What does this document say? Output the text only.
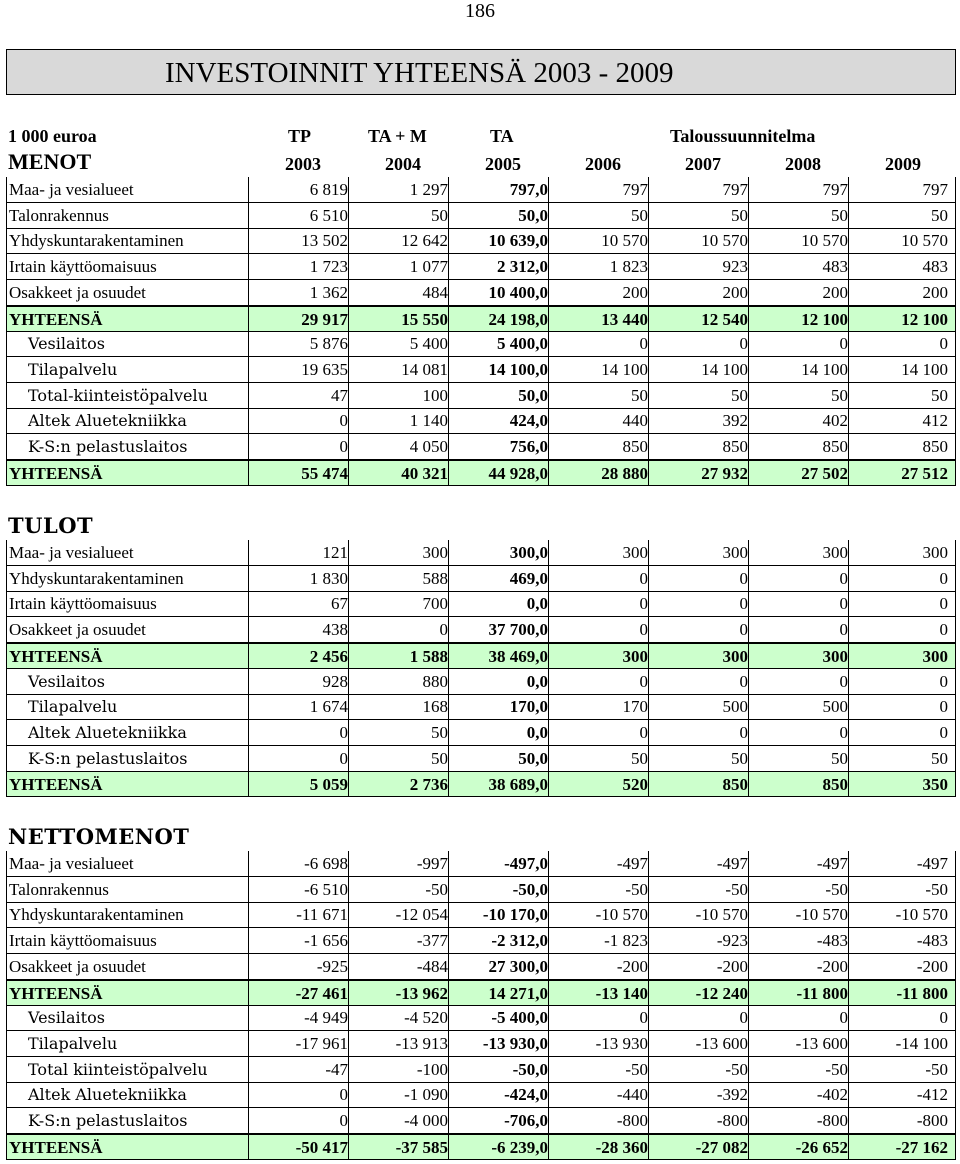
186
INVESTOINNIT YHTEENSÄ 2003 - 2009
1 000 euroa	TP	TA + M	TA	Taloussuunnitelma
MENOT	2003	2004	2005	2006	2007	2008	2009
Maa- ja vesialueet	6 819	1 297	797,0	797	797	797	797
Talonrakennus	6 510	50	50,0	50	50	50	50
Yhdyskuntarakentaminen	13 502	12 642	10 639,0	10 570	10 570	10 570	10 570
Irtain käyttöomaisuus	1 723	1 077	2 312,0	1 823	923	483	483
Osakkeet ja osuudet	1 362	484	10 400,0	200	200	200	200
YHTEENSÄ	29 917	15 550	24 198,0	13 440	12 540	12 100	12 100
Vesilaitos	5 876	5 400	5 400,0	0	0	0	0
Tilapalvelu	19 635	14 081	14 100,0	14 100	14 100	14 100	14 100
Total-kiinteistöpalvelu	47	100	50,0	50	50	50	50
Altek Aluetekniikka	0	1 140	424,0	440	392	402	412
K-S:n pelastuslaitos	0	4 050	756,0	850	850	850	850
YHTEENSÄ	55 474	40 321	44 928,0	28 880	27 932	27 502	27 512
TULOT
Maa- ja vesialueet	121	300	300,0	300	300	300	300
Yhdyskuntarakentaminen	1 830	588	469,0	0	0	0	0
Irtain käyttöomaisuus	67	700	0,0	0	0	0	0
Osakkeet ja osuudet	438	0	37 700,0	0	0	0	0
YHTEENSÄ	2 456	1 588	38 469,0	300	300	300	300
Vesilaitos	928	880	0,0	0	0	0	0
Tilapalvelu	1 674	168	170,0	170	500	500	0
Altek Aluetekniikka	0	50	0,0	0	0	0	0
K-S:n pelastuslaitos	0	50	50,0	50	50	50	50
YHTEENSÄ	5 059	2 736	38 689,0	520	850	850	350
NETTOMENOT
Maa- ja vesialueet	-6 698	-997	-497,0	-497	-497	-497	-497
Talonrakennus	-6 510	-50	-50,0	-50	-50	-50	-50
Yhdyskuntarakentaminen	-11 671	-12 054	-10 170,0	-10 570	-10 570	-10 570	-10 570
Irtain käyttöomaisuus	-1 656	-377	-2 312,0	-1 823	-923	-483	-483
Osakkeet ja osuudet	-925	-484	27 300,0	-200	-200	-200	-200
YHTEENSÄ	-27 461	-13 962	14 271,0	-13 140	-12 240	-11 800	-11 800
Vesilaitos	-4 949	-4 520	-5 400,0	0	0	0	0
Tilapalvelu	-17 961	-13 913	-13 930,0	-13 930	-13 600	-13 600	-14 100
Total kiinteistöpalvelu	-47	-100	-50,0	-50	-50	-50	-50
Altek Aluetekniikka	0	-1 090	-424,0	-440	-392	-402	-412
K-S:n pelastuslaitos	0	-4 000	-706,0	-800	-800	-800	-800
YHTEENSÄ	-50 417	-37 585	-6 239,0	-28 360	-27 082	-26 652	-27 162
